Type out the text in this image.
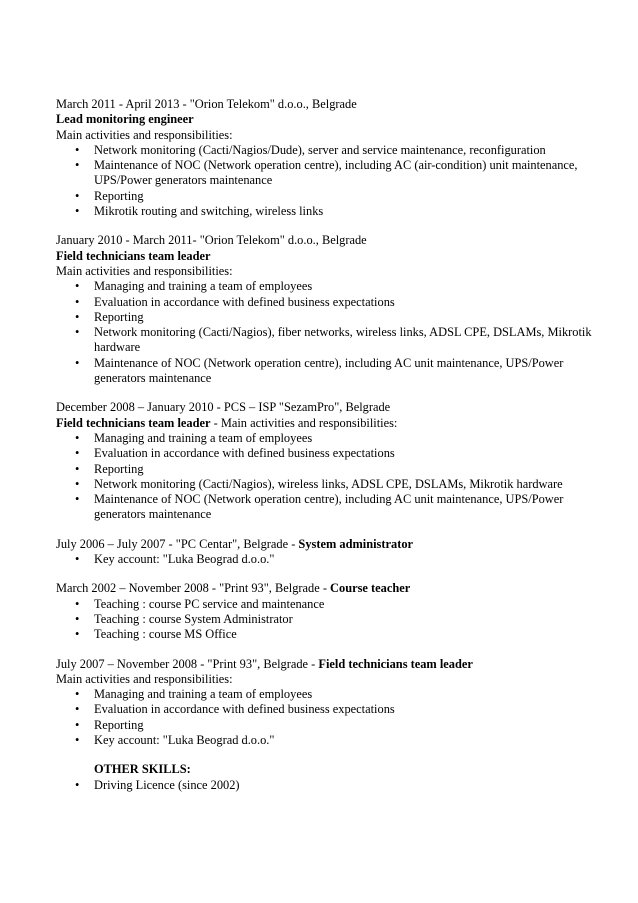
March 2011 - April 2013 - "Orion Telekom" d.o.o., Belgrade
Lead monitoring engineer
Main activities and responsibilities:
• Network monitoring (Cacti/Nagios/Dude), server and service maintenance, reconfiguration
• Maintenance of NOC (Network operation centre), including AC (air-condition) unit maintenance, UPS/Power generators maintenance
• Reporting
• Mikrotik routing and switching, wireless links
January 2010 - March 2011- "Orion Telekom" d.o.o., Belgrade
Field technicians team leader
Main activities and responsibilities:
• Managing and training a team of employees
• Evaluation in accordance with defined business expectations
• Reporting
• Network monitoring (Cacti/Nagios), fiber networks, wireless links, ADSL CPE, DSLAMs, Mikrotik hardware
• Maintenance of NOC (Network operation centre), including AC unit maintenance, UPS/Power generators maintenance
December 2008 – January 2010 - PCS – ISP "SezamPro", Belgrade
Field technicians team leader - Main activities and responsibilities:
• Managing and training a team of employees
• Evaluation in accordance with defined business expectations
• Reporting
• Network monitoring (Cacti/Nagios), wireless links, ADSL CPE, DSLAMs, Mikrotik hardware
• Maintenance of NOC (Network operation centre), including AC unit maintenance, UPS/Power generators maintenance
July 2006 – July 2007 - "PC Centar", Belgrade - System administrator
• Key account: "Luka Beograd d.o.o."
March 2002 – November 2008 - "Print 93", Belgrade - Course teacher
• Teaching : course PC service and maintenance
• Teaching : course System Administrator
• Teaching : course MS Office
July 2007 – November 2008 - "Print 93", Belgrade - Field technicians team leader
Main activities and responsibilities:
• Managing and training a team of employees
• Evaluation in accordance with defined business expectations
• Reporting
• Key account: "Luka Beograd d.o.o."
OTHER SKILLS:
• Driving Licence (since 2002)
